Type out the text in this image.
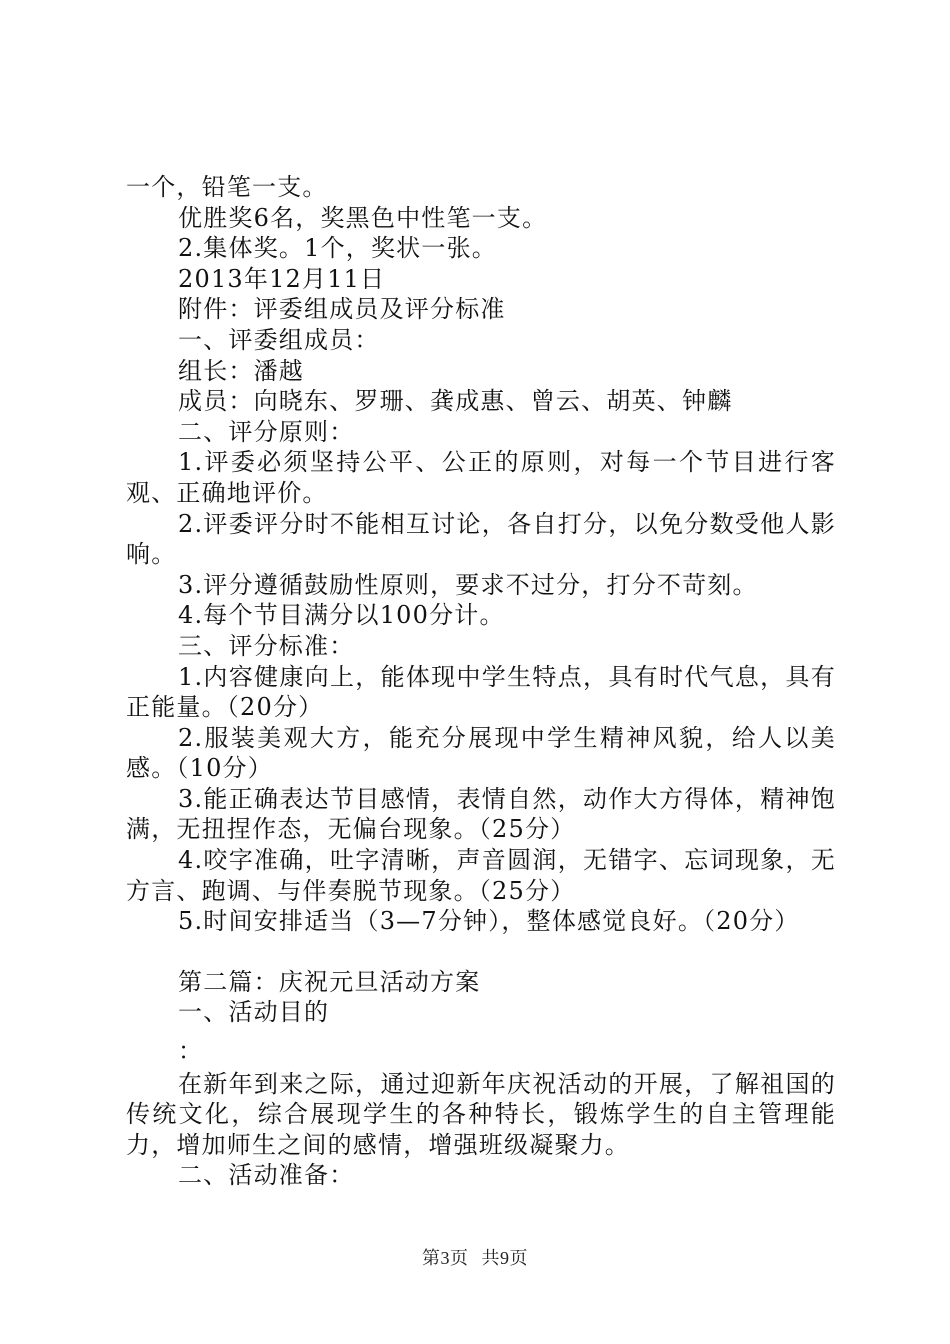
一个，铅笔一支。
优胜奖6名，奖黑色中性笔一支。
2.集体奖。1个，奖状一张。
2013年12月11日
附件：评委组成员及评分标准
一、评委组成员：
组长：潘越
成员：向晓东、罗珊、龚成惠、曾云、胡英、钟麟
二、评分原则：
1.评委必须坚持公平、公正的原则，对每一个节目进行客观、正确地评价。
2.评委评分时不能相互讨论，各自打分，以免分数受他人影响。
3.评分遵循鼓励性原则，要求不过分，打分不苛刻。
4.每个节目满分以100分计。
三、评分标准：
1.内容健康向上，能体现中学生特点，具有时代气息，具有正能量。（20分）
2.服装美观大方，能充分展现中学生精神风貌，给人以美感。（10分）
3.能正确表达节目感情，表情自然，动作大方得体，精神饱满，无扭捏作态，无偏台现象。（25分）
4.咬字准确，吐字清晰，声音圆润，无错字、忘词现象，无方言、跑调、与伴奏脱节现象。（25分）
5.时间安排适当（3—7分钟），整体感觉良好。（20分）
第二篇：庆祝元旦活动方案
一、活动目的
：
在新年到来之际，通过迎新年庆祝活动的开展，了解祖国的传统文化，综合展现学生的各种特长，锻炼学生的自主管理能力，增加师生之间的感情，增强班级凝聚力。
二、活动准备：
第3页 共9页
